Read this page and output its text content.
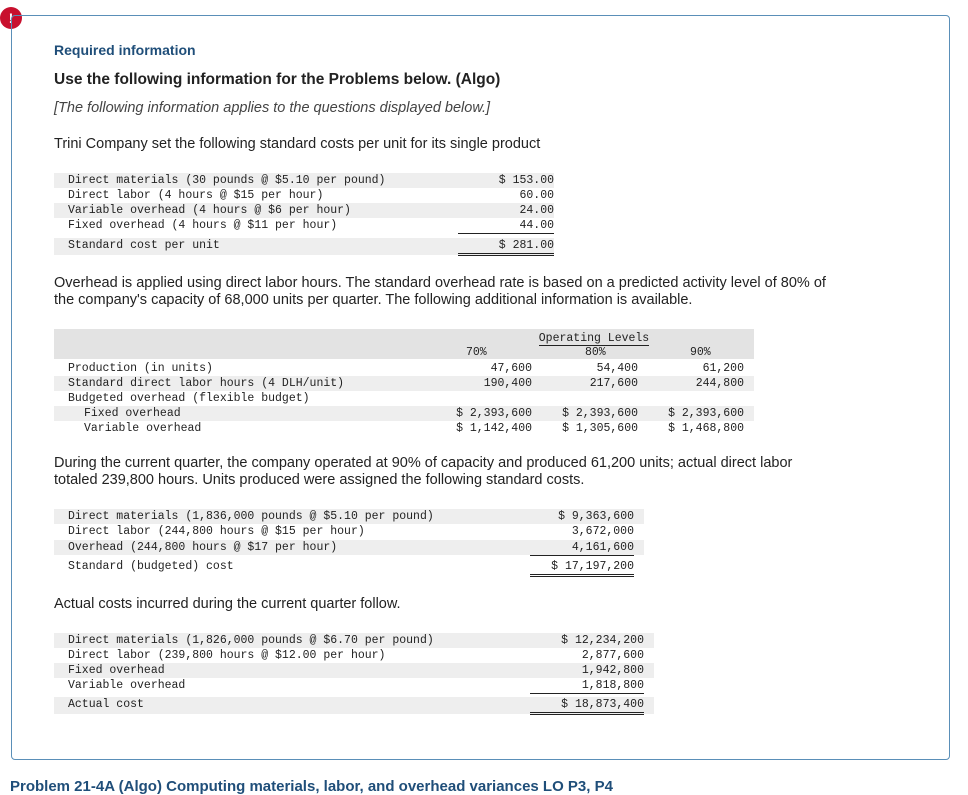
!
Required information
Use the following information for the Problems below. (Algo)
[The following information applies to the questions displayed below.]
Trini Company set the following standard costs per unit for its single product
Direct materials (30 pounds @ $5.10 per pound)	$ 153.00
Direct labor (4 hours @ $15 per hour)	60.00
Variable overhead (4 hours @ $6 per hour)	24.00
Fixed overhead (4 hours @ $11 per hour)	44.00
Standard cost per unit	$ 281.00
Overhead is applied using direct labor hours. The standard overhead rate is based on a predicted activity level of 80% of
the company's capacity of 68,000 units per quarter. The following additional information is available.
Operating Levels
70%	80%	90%
Production (in units)	47,600	54,400	61,200
Standard direct labor hours (4 DLH/unit)	190,400	217,600	244,800
Budgeted overhead (flexible budget)
Fixed overhead	$ 2,393,600	$ 2,393,600	$ 2,393,600
Variable overhead	$ 1,142,400	$ 1,305,600	$ 1,468,800
During the current quarter, the company operated at 90% of capacity and produced 61,200 units; actual direct labor
totaled 239,800 hours. Units produced were assigned the following standard costs.
Direct materials (1,836,000 pounds @ $5.10 per pound)	$ 9,363,600
Direct labor (244,800 hours @ $15 per hour)	3,672,000
Overhead (244,800 hours @ $17 per hour)	4,161,600
Standard (budgeted) cost	$ 17,197,200
Actual costs incurred during the current quarter follow.
Direct materials (1,826,000 pounds @ $6.70 per pound)	$ 12,234,200
Direct labor (239,800 hours @ $12.00 per hour)	2,877,600
Fixed overhead	1,942,800
Variable overhead	1,818,800
Actual cost	$ 18,873,400
Problem 21-4A (Algo) Computing materials, labor, and overhead variances LO P3, P4
